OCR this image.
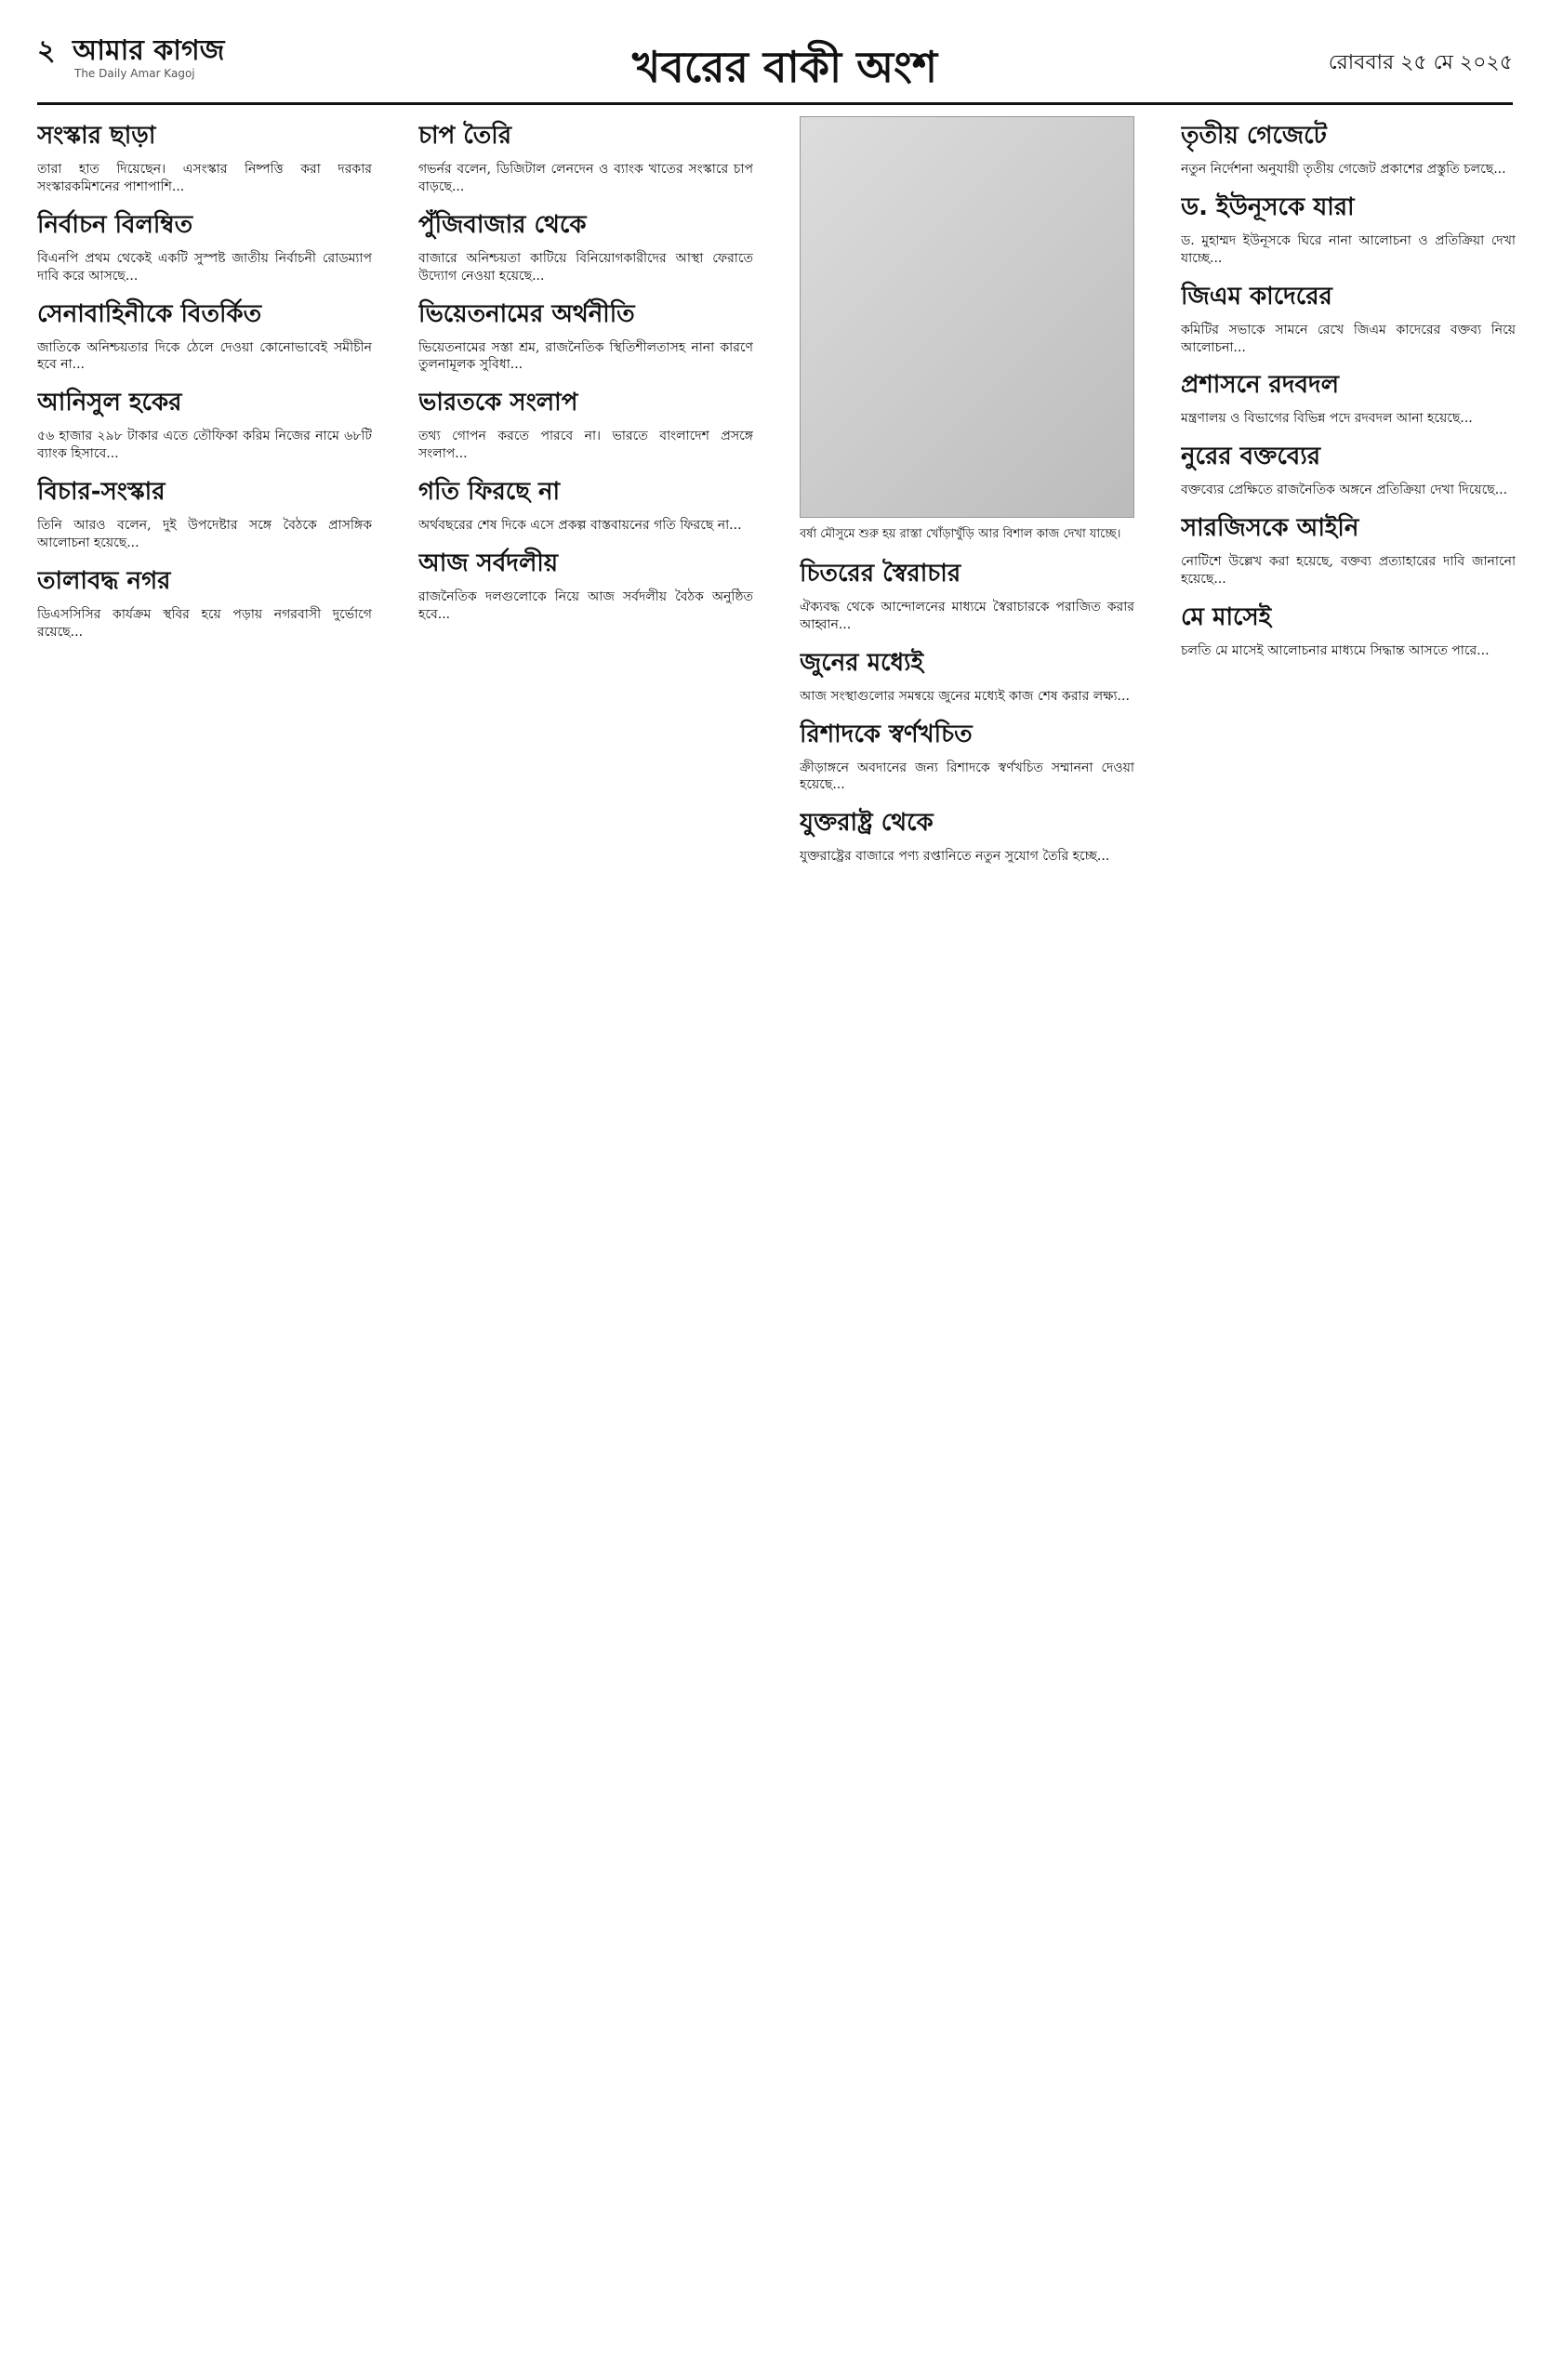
২ আমার কাগজ
The Daily Amar Kagoj	খবরের বাকী অংশ	রোববার ২৫ মে ২০২৫
সংস্কার ছাড়া

তারা হাত দিয়েছেন। এসংস্কার নিষ্পত্তি করা দরকার সংস্কারকমিশনের পাশাপাশি...

নির্বাচন বিলম্বিত

বিএনপি প্রথম থেকেই একটি সুস্পষ্ট জাতীয় নির্বাচনী রোডম্যাপ দাবি করে আসছে...

সেনাবাহিনীকে বিতর্কিত

জাতিকে অনিশ্চয়তার দিকে ঠেলে দেওয়া কোনোভাবেই সমীচীন হবে না...

আনিসুল হকের

৫৬ হাজার ২৯৮ টাকার এতে তৌফিকা করিম নিজের নামে ৬৮টি ব্যাংক হিসাবে...

বিচার-সংস্কার

তিনি আরও বলেন, দুই উপদেষ্টার সঙ্গে বৈঠকে প্রাসঙ্গিক আলোচনা হয়েছে...

তালাবদ্ধ নগর

ডিএসসিসির কার্যক্রম স্থবির হয়ে পড়ায় নগরবাসী দুর্ভোগে রয়েছে...

চাপ তৈরি

গভর্নর বলেন, ডিজিটাল লেনদেন ও ব্যাংক খাতের সংস্কারে চাপ বাড়ছে...

পুঁজিবাজার থেকে

বাজারে অনিশ্চয়তা কাটিয়ে বিনিয়োগকারীদের আস্থা ফেরাতে উদ্যোগ নেওয়া হয়েছে...

ভিয়েতনামের অর্থনীতি

ভিয়েতনামের সস্তা শ্রম, রাজনৈতিক স্থিতিশীলতাসহ নানা কারণে তুলনামূলক সুবিধা...

ভারতকে সংলাপ

তথ্য গোপন করতে পারবে না। ভারতে বাংলাদেশ প্রসঙ্গে সংলাপ...

গতি ফিরছে না

অর্থবছরের শেষ দিকে এসে প্রকল্প বাস্তবায়নের গতি ফিরছে না...

আজ সর্বদলীয়

রাজনৈতিক দলগুলোকে নিয়ে আজ সর্বদলীয় বৈঠক অনুষ্ঠিত হবে...

বর্ষা মৌসুমে শুরু হয় রাস্তা খোঁড়াখুঁড়ি আর বিশাল কাজ দেখা যাচ্ছে।
চিতরের স্বৈরাচার

ঐক্যবদ্ধ থেকে আন্দোলনের মাধ্যমে স্বৈরাচারকে পরাজিত করার আহ্বান...

জুনের মধ্যেই

আজ সংস্থাগুলোর সমন্বয়ে জুনের মধ্যেই কাজ শেষ করার লক্ষ্য...

রিশাদকে স্বর্ণখচিত

ক্রীড়াঙ্গনে অবদানের জন্য রিশাদকে স্বর্ণখচিত সম্মাননা দেওয়া হয়েছে...

যুক্তরাষ্ট্র থেকে

যুক্তরাষ্ট্রের বাজারে পণ্য রপ্তানিতে নতুন সুযোগ তৈরি হচ্ছে...

তৃতীয় গেজেটে

নতুন নির্দেশনা অনুযায়ী তৃতীয় গেজেট প্রকাশের প্রস্তুতি চলছে...

ড. ইউনূসকে যারা

ড. মুহাম্মদ ইউনূসকে ঘিরে নানা আলোচনা ও প্রতিক্রিয়া দেখা যাচ্ছে...

জিএম কাদেরের

কমিটির সভাকে সামনে রেখে জিএম কাদেরের বক্তব্য নিয়ে আলোচনা...

প্রশাসনে রদবদল

মন্ত্রণালয় ও বিভাগের বিভিন্ন পদে রদবদল আনা হয়েছে...

নুরের বক্তব্যের

বক্তব্যের প্রেক্ষিতে রাজনৈতিক অঙ্গনে প্রতিক্রিয়া দেখা দিয়েছে...

সারজিসকে আইনি

নোটিশে উল্লেখ করা হয়েছে, বক্তব্য প্রত্যাহারের দাবি জানানো হয়েছে...

মে মাসেই

চলতি মে মাসেই আলোচনার মাধ্যমে সিদ্ধান্ত আসতে পারে...
